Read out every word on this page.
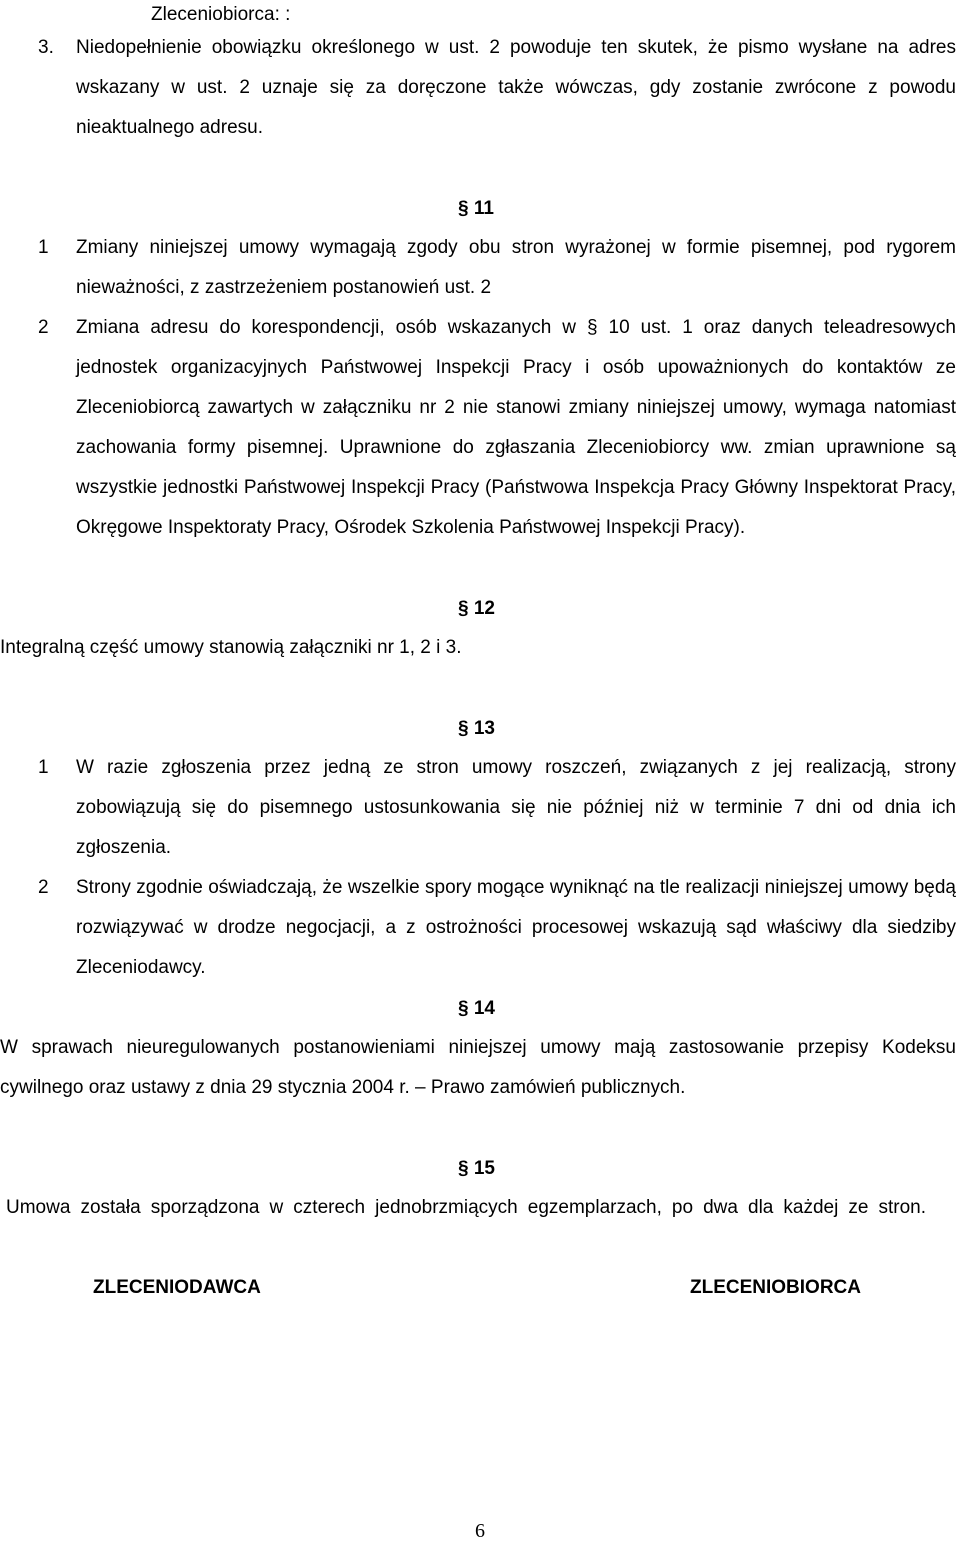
Zleceniobiorca: :
3. Niedopełnienie obowiązku określonego w ust. 2 powoduje ten skutek, że pismo wysłane na adres
wskazany w ust. 2 uznaje się za doręczone także wówczas, gdy zostanie zwrócone z powodu
nieaktualnego adresu.
§ 11
1 Zmiany niniejszej umowy wymagają zgody obu stron wyrażonej w formie pisemnej, pod rygorem
nieważności, z zastrzeżeniem postanowień ust. 2
2 Zmiana adresu do korespondencji, osób wskazanych w § 10 ust. 1 oraz danych teleadresowych
jednostek organizacyjnych Państwowej Inspekcji Pracy i osób upoważnionych do kontaktów ze
Zleceniobiorcą zawartych w załączniku nr 2 nie stanowi zmiany niniejszej umowy, wymaga natomiast
zachowania formy pisemnej. Uprawnione do zgłaszania Zleceniobiorcy ww. zmian uprawnione są
wszystkie jednostki Państwowej Inspekcji Pracy (Państwowa Inspekcja Pracy Główny Inspektorat Pracy,
Okręgowe Inspektoraty Pracy, Ośrodek Szkolenia Państwowej Inspekcji Pracy).
§ 12
Integralną część umowy stanowią załączniki nr 1, 2 i 3.
§ 13
1 W razie zgłoszenia przez jedną ze stron umowy roszczeń, związanych z jej realizacją, strony
zobowiązują się do pisemnego ustosunkowania się nie później niż w terminie 7 dni od dnia ich
zgłoszenia.
2 Strony zgodnie oświadczają, że wszelkie spory mogące wyniknąć na tle realizacji niniejszej umowy będą
rozwiązywać w drodze negocjacji, a z ostrożności procesowej wskazują sąd właściwy dla siedziby
Zleceniodawcy.
§ 14
W sprawach nieuregulowanych postanowieniami niniejszej umowy mają zastosowanie przepisy Kodeksu
cywilnego oraz ustawy z dnia 29 stycznia 2004 r. – Prawo zamówień publicznych.
§ 15
Umowa została sporządzona w czterech jednobrzmiących egzemplarzach, po dwa dla każdej ze stron.
ZLECENIODAWCA	ZLECENIOBIORCA
6
